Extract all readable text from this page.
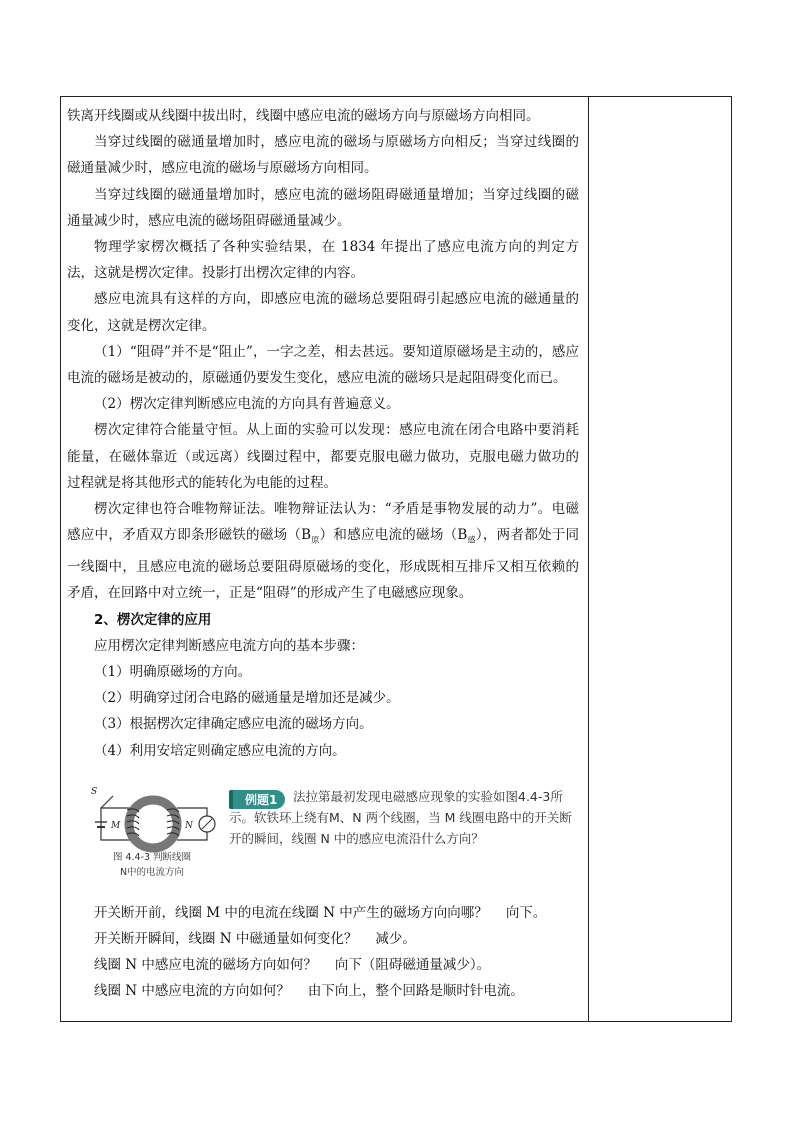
铁离开线圈或从线圈中拔出时，线圈中感应电流的磁场方向与原磁场方向相同。

当穿过线圈的磁通量增加时，感应电流的磁场与原磁场方向相反；当穿过线圈的磁通量减少时，感应电流的磁场与原磁场方向相同。

当穿过线圈的磁通量增加时，感应电流的磁场阻碍磁通量增加；当穿过线圈的磁通量减少时，感应电流的磁场阻碍磁通量减少。

物理学家楞次概括了各种实验结果，在 1834 年提出了感应电流方向的判定方法，这就是楞次定律。投影打出楞次定律的内容。

感应电流具有这样的方向，即感应电流的磁场总要阻碍引起感应电流的磁通量的变化，这就是楞次定律。

（1）“阻碍”并不是“阻止”，一字之差，相去甚远。要知道原磁场是主动的，感应电流的磁场是被动的，原磁通仍要发生变化，感应电流的磁场只是起阻碍变化而已。

（2）楞次定律判断感应电流的方向具有普遍意义。

楞次定律符合能量守恒。从上面的实验可以发现：感应电流在闭合电路中要消耗能量，在磁体靠近（或远离）线圈过程中，都要克服电磁力做功，克服电磁力做功的过程就是将其他形式的能转化为电能的过程。

楞次定律也符合唯物辩证法。唯物辩证法认为：“矛盾是事物发展的动力”。电磁感应中，矛盾双方即条形磁铁的磁场$(B_原)$和感应电流的磁场$(B_感)$，两者都处于同一线圈中，且感应电流的磁场总要阻碍原磁场的变化，形成既相互排斥又相互依赖的矛盾，在回路中对立统一，正是“阻碍”的形成产生了电磁感应现象。

2、楞次定律的应用

应用楞次定律判断感应电流方向的基本步骤：

（1）明确原磁场的方向。

（2）明确穿过闭合电路的磁通量是增加还是减少。

（3）根据楞次定律确定感应电流的磁场方向。

（4）利用安培定则确定感应电流的方向。

S
M	N
图 4.4-3 判断线圈
N中的电流方向
例题1	法拉第最初发现电磁感应现象的实验如图4.4-3所示。软铁环上绕有M、N 两个线圈，当 M 线圈电路中的开关断开的瞬间，线圈 N 中的感应电流沿什么方向？

开关断开前，线圈 M 中的电流在线圈 N 中产生的磁场方向向哪？ 向下。

开关断开瞬间，线圈 N 中磁通量如何变化？ 减少。

线圈 N 中感应电流的磁场方向如何？ 向下（阻碍磁通量减少）。

线圈 N 中感应电流的方向如何？ 由下向上，整个回路是顺时针电流。
